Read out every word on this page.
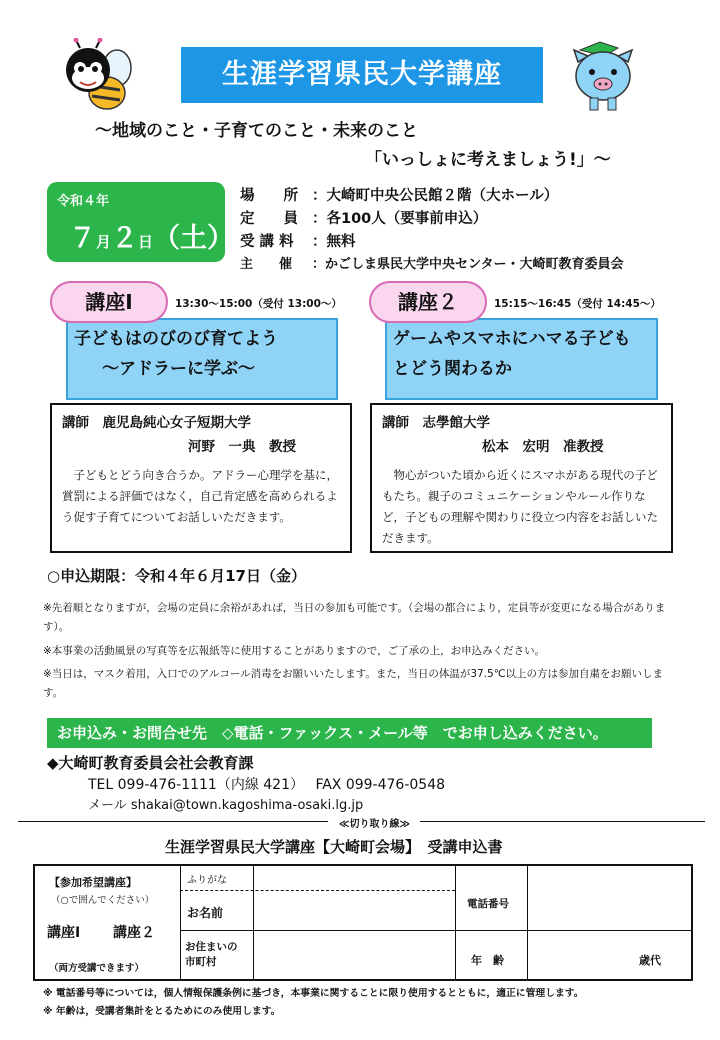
生涯学習県民大学講座
～地域のこと・子育てのこと・未来のこと
「いっしょに考えましょう!」～
令和４年
７月２日（土）
場　　所 ：大崎町中央公民館２階（大ホール）
定　　員 ：各100人（要事前申込）
受 講 料 ：無料
主　　催 ：かごしま県民大学中央センター・大崎町教育委員会
子どもはのびのび育てよう
～アドラーに学ぶ～
講座Ⅰ	13:30～15:00（受付 13:00～）
講師　鹿児島純心女子短期大学
河野　一典　教授
　子どもとどう向き合うか。アドラー心理学を基に，賞罰による評価ではなく，自己肯定感を高められるよう促す子育てについてお話しいただきます。
ゲームやスマホにハマる子ども
とどう関わるか
講座２	15:15～16:45（受付 14:45～）
講師　志學館大学
松本　宏明　准教授
　物心がついた頃から近くにスマホがある現代の子どもたち。親子のコミュニケーションやルール作りなど，子どもの理解や関わりに役立つ内容をお話しいただきます。
○申込期限：令和４年６月17日（金）
※先着順となりますが，会場の定員に余裕があれば，当日の参加も可能です。（会場の都合により，定員等が変更になる場合があります）。
※本事業の活動風景の写真等を広報紙等に使用することがありますので，ご了承の上，お申込みください。
※当日は，マスク着用，入口でのアルコール消毒をお願いいたします。また，当日の体温が37.5℃以上の方は参加自粛をお願いします。
お申込み・お問合せ先　◇電話・ファックス・メール等　でお申し込みください。
◆大崎町教育委員会社会教育課
TEL 099-476-1111（内線 421）　 FAX 099-476-0548
メール shakai@town.kagoshima-osaki.lg.jp
≪切り取り線≫
生涯学習県民大学講座【大崎町会場】　受講申込書
【参加希望講座】
（○で囲んでください）
講座Ⅰ 講座２
（両方受講できます）
ふりがな
お名前
お住まいの市町村
電話番号
年　齢	歳代
※ 電話番号等については，個人情報保護条例に基づき，本事業に関することに限り使用するとともに，適正に管理します。
※ 年齢は，受講者集計をとるためにのみ使用します。
